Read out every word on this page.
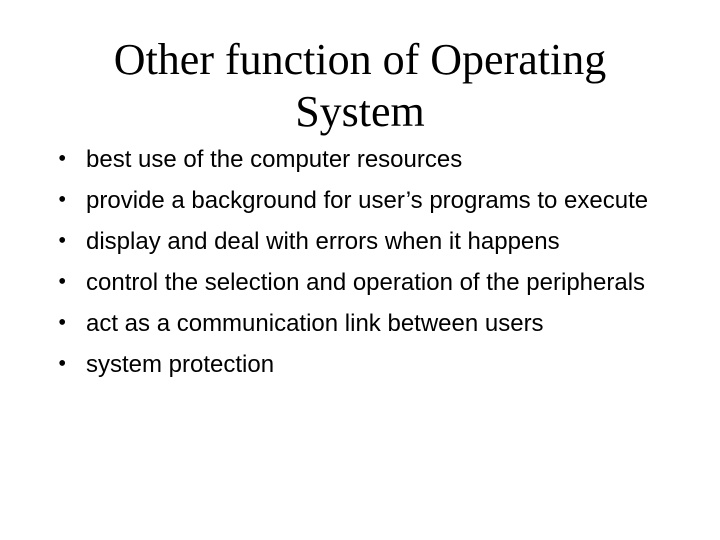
Other function of Operating System
• best use of the computer resources
• provide a background for user’s programs to execute
• display and deal with errors when it happens
• control the selection and operation of the peripherals
• act as a communication link between users
• system protection
